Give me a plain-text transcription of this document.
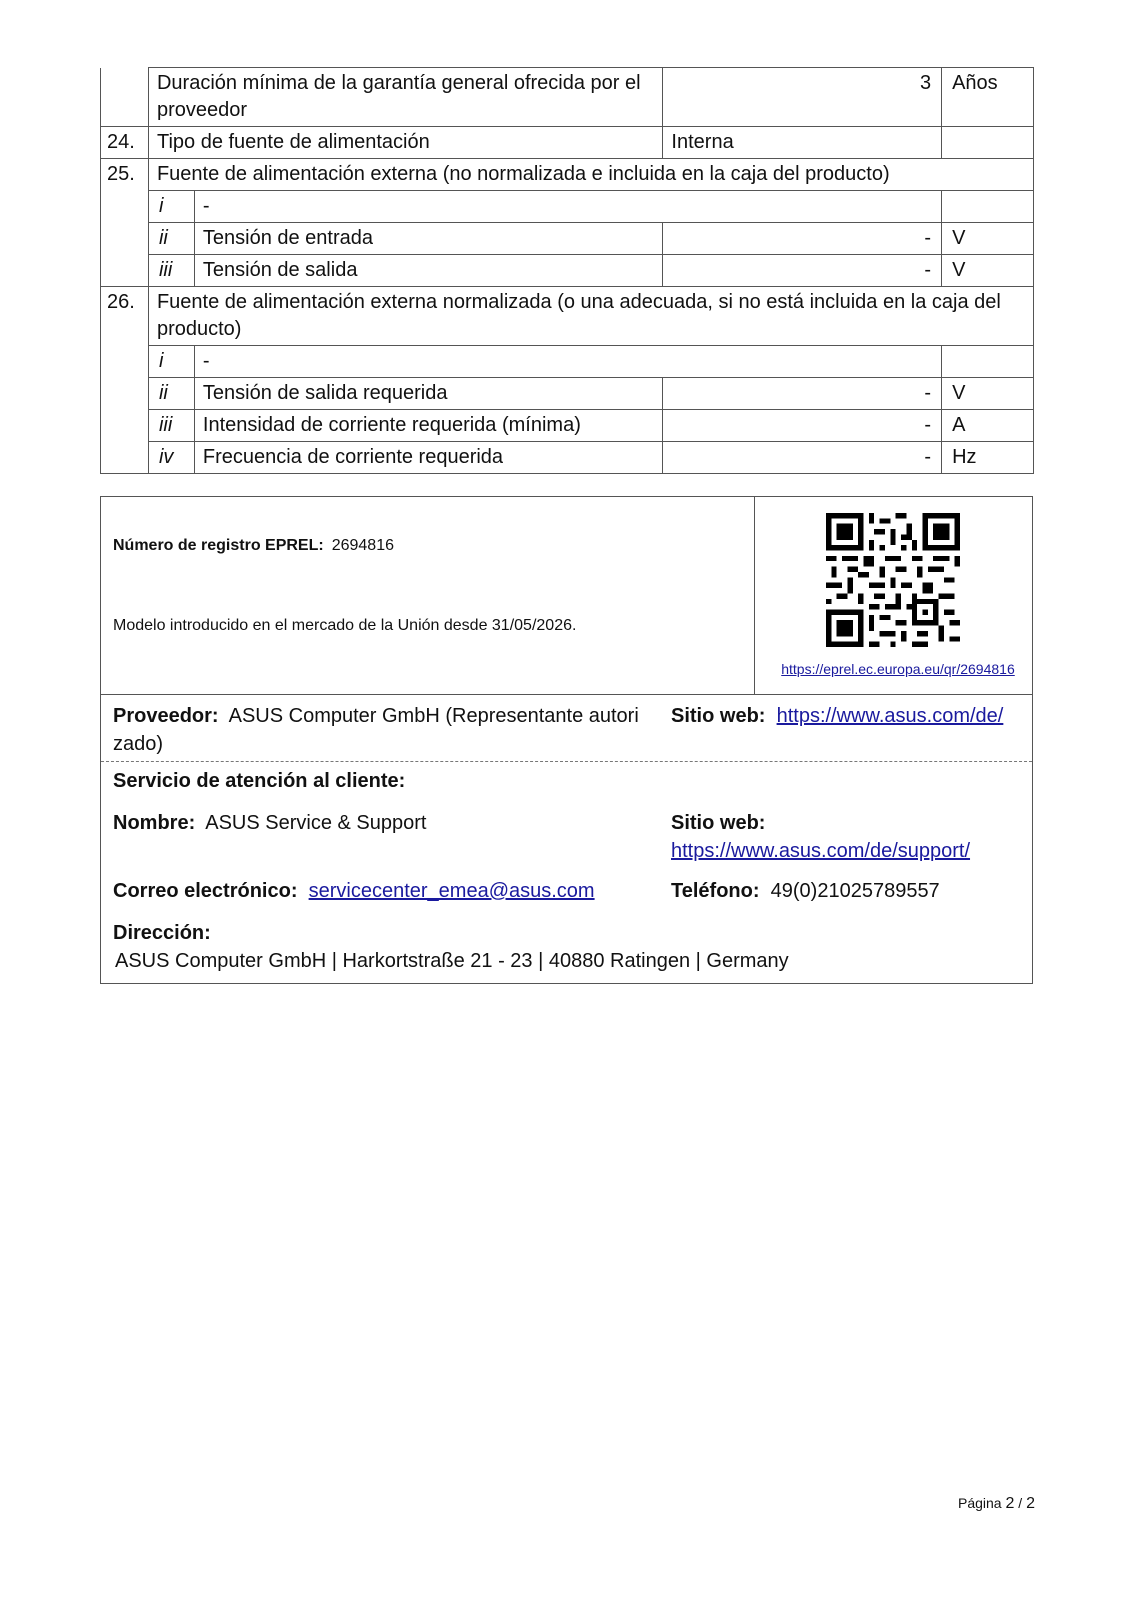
	Duración mínima de la garantía general ofrecida por el proveedor		3	Años
24.	Tipo de fuente de alimentación		Interna	
25.	Fuente de alimentación externa (no normalizada e incluida en la caja del producto)			
	i	-		
	ii	Tensión de entrada	-	V
	iii	Tensión de salida	-	V
26.	Fuente de alimentación externa normalizada (o una adecuada, si no está incluida en la caja del producto)			
	i	-		
	ii	Tensión de salida requerida	-	V
	iii	Intensidad de corriente requerida (mínima)	-	A
	iv	Frecuencia de corriente requerida	-	Hz
Número de registro EPREL: 2694816
Modelo introducido en el mercado de la Unión desde 31/05/2026.
https://eprel.ec.europa.eu/qr/2694816
Proveedor: ASUS Computer GmbH (Representante autori zado)
Sitio web: https://www.asus.com/de/
Servicio de atención al cliente:
Nombre: ASUS Service & Support	Sitio web:  https://www.asus.com/de/support/
Correo electrónico: servicecenter_emea@asus.com	Teléfono: 49(0)21025789557
Dirección:
ASUS Computer GmbH | Harkortstraße 21 - 23 | 40880 Ratingen | Germany
Página 2 / 2
